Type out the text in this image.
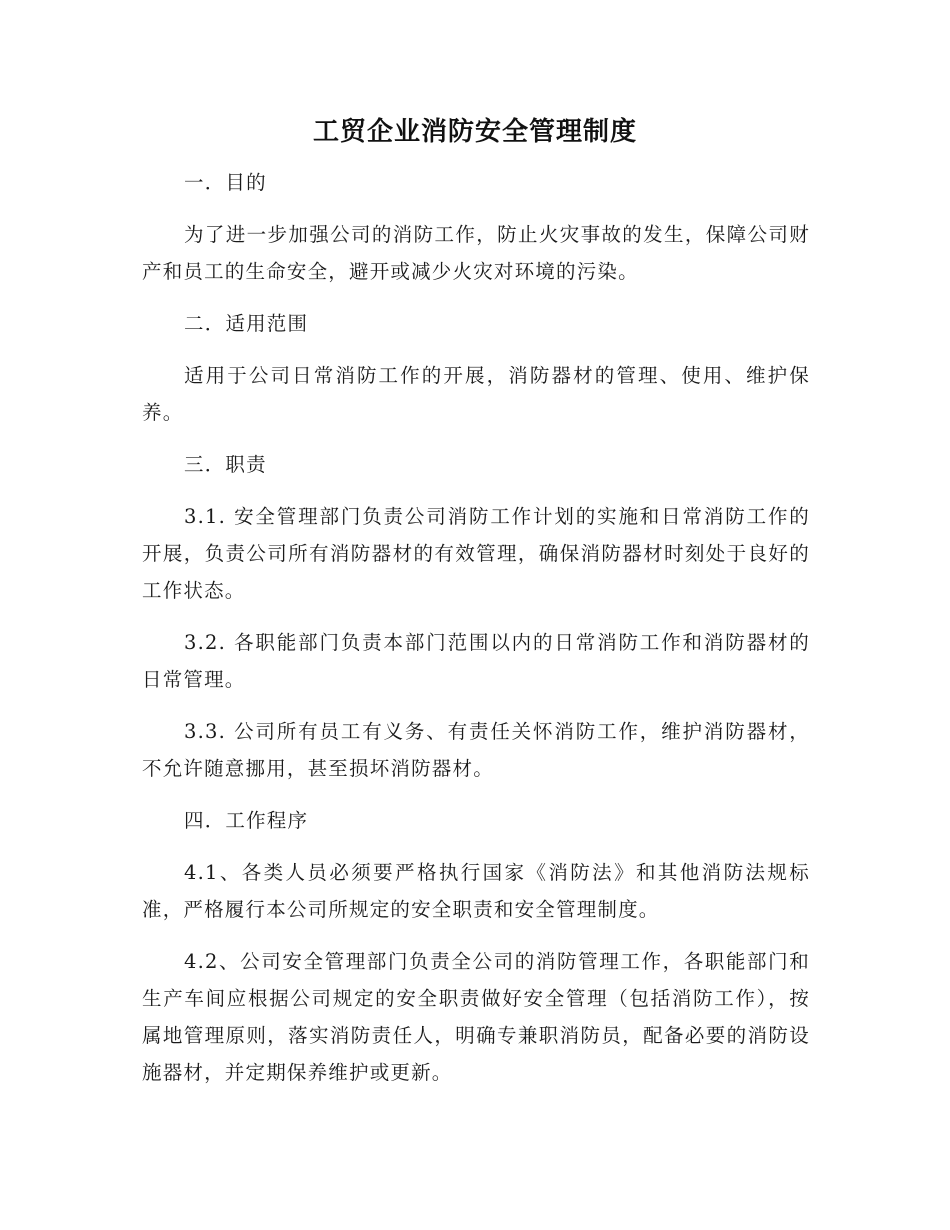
工贸企业消防安全管理制度

一．目的

为了进一步加强公司的消防工作，防止火灾事故的发生，保障公司财产和员工的生命安全，避开或减少火灾对环境的污染。

二．适用范围

适用于公司日常消防工作的开展，消防器材的管理、使用、维护保养。

三．职责

3.1. 安全管理部门负责公司消防工作计划的实施和日常消防工作的开展，负责公司所有消防器材的有效管理，确保消防器材时刻处于良好的工作状态。

3.2. 各职能部门负责本部门范围以内的日常消防工作和消防器材的日常管理。

3.3. 公司所有员工有义务、有责任关怀消防工作，维护消防器材，不允许随意挪用，甚至损坏消防器材。

四．工作程序

4.1、各类人员必须要严格执行国家《消防法》和其他消防法规标准，严格履行本公司所规定的安全职责和安全管理制度。

4.2、公司安全管理部门负责全公司的消防管理工作，各职能部门和生产车间应根据公司规定的安全职责做好安全管理（包括消防工作），按属地管理原则，落实消防责任人，明确专兼职消防员，配备必要的消防设施器材，并定期保养维护或更新。
